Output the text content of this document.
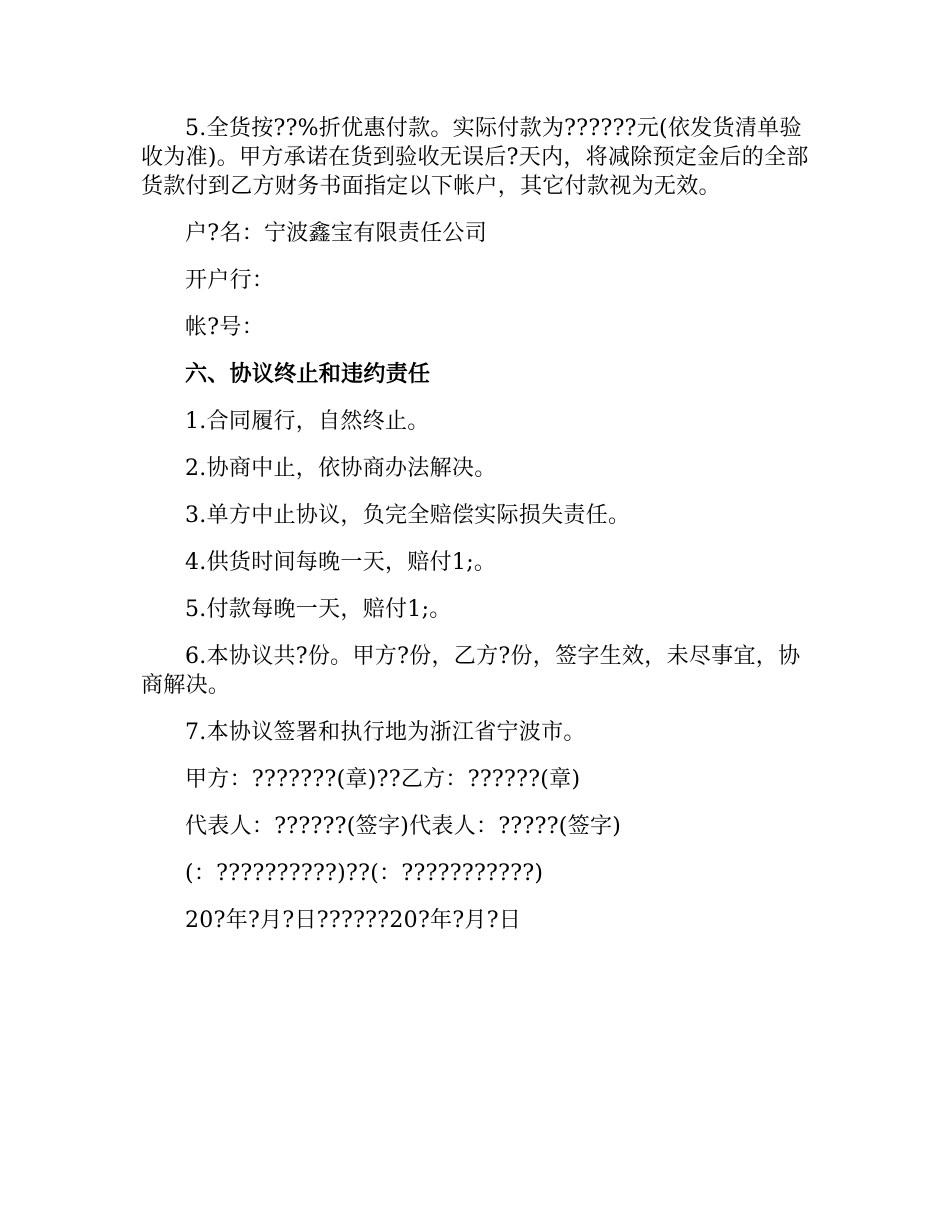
5.全货按??%折优惠付款。实际付款为??????元(依发货清单验收为准)。甲方承诺在货到验收无误后?天内，将减除预定金后的全部货款付到乙方财务书面指定以下帐户，其它付款视为无效。

户?名：宁波鑫宝有限责任公司

开户行：

帐?号：

六、协议终止和违约责任

1.合同履行，自然终止。

2.协商中止，依协商办法解决。

3.单方中止协议，负完全赔偿实际损失责任。

4.供货时间每晚一天，赔付1;。

5.付款每晚一天，赔付1;。

6.本协议共?份。甲方?份，乙方?份，签字生效，未尽事宜，协商解决。

7.本协议签署和执行地为浙江省宁波市。

甲方：???????(章)??乙方：??????(章)

代表人：??????(签字)代表人：?????(签字)

(：??????????)??(：???????????)

20?年?月?日??????20?年?月?日
